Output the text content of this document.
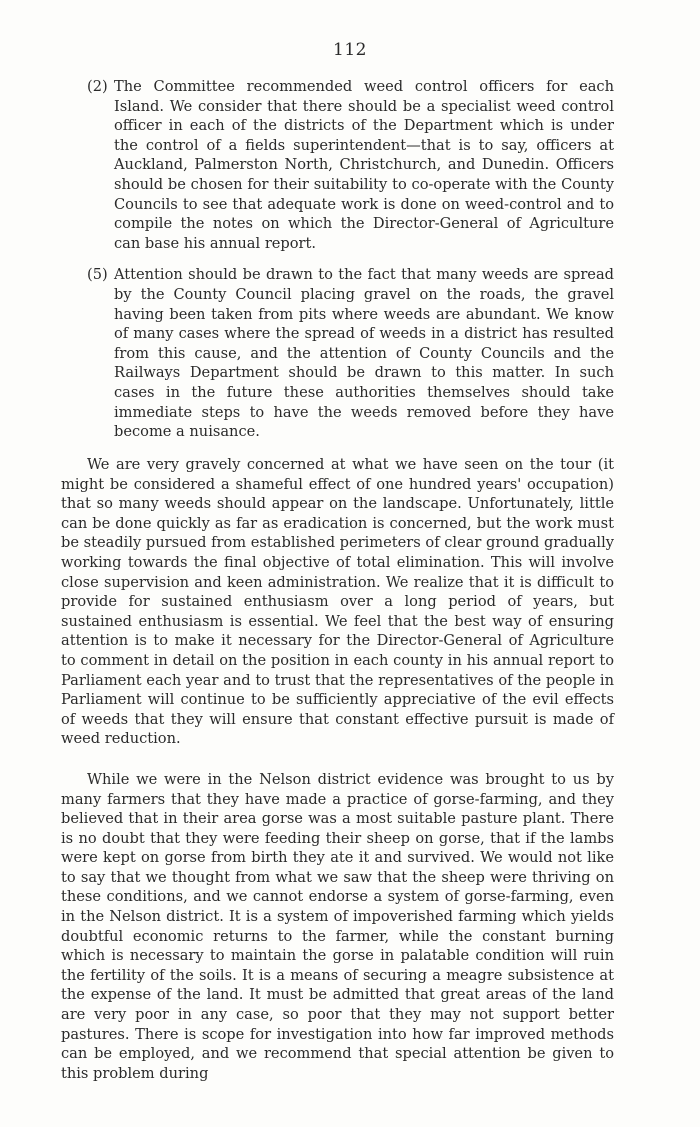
112
(2) The Committee recommended weed control officers for each Island. We consider that there should be a specialist weed control officer in each of the districts of the Department which is under the control of a fields superintendent—that is to say, officers at Auckland, Palmerston North, Christchurch, and Dunedin. Officers should be chosen for their suitability to co-operate with the County Councils to see that adequate work is done on weed-control and to compile the notes on which the Director-General of Agriculture can base his annual report.
(5) Attention should be drawn to the fact that many weeds are spread by the County Council placing gravel on the roads, the gravel having been taken from pits where weeds are abundant. We know of many cases where the spread of weeds in a district has resulted from this cause, and the attention of County Councils and the Railways Department should be drawn to this matter. In such cases in the future these authorities themselves should take immediate steps to have the weeds removed before they have become a nuisance.

We are very gravely concerned at what we have seen on the tour (it might be considered a shameful effect of one hundred years' occupation) that so many weeds should appear on the landscape. Unfortunately, little can be done quickly as far as eradication is concerned, but the work must be steadily pursued from established perimeters of clear ground gradually working towards the final objective of total elimination. This will involve close supervision and keen administration. We realize that it is difficult to provide for sustained enthusiasm over a long period of years, but sustained enthusiasm is essential. We feel that the best way of ensuring attention is to make it necessary for the Director-General of Agriculture to comment in detail on the position in each county in his annual report to Parliament each year and to trust that the representatives of the people in Parliament will continue to be sufficiently appreciative of the evil effects of weeds that they will ensure that constant effective pursuit is made of weed reduction.

While we were in the Nelson district evidence was brought to us by many farmers that they have made a practice of gorse-farming, and they believed that in their area gorse was a most suitable pasture plant. There is no doubt that they were feeding their sheep on gorse, that if the lambs were kept on gorse from birth they ate it and survived. We would not like to say that we thought from what we saw that the sheep were thriving on these conditions, and we cannot endorse a system of gorse-farming, even in the Nelson district. It is a system of impoverished farming which yields doubtful economic returns to the farmer, while the constant burning which is necessary to maintain the gorse in palatable condition will ruin the fertility of the soils. It is a means of securing a meagre subsistence at the expense of the land. It must be admitted that great areas of the land are very poor in any case, so poor that they may not support better pastures. There is scope for investigation into how far improved methods can be employed, and we recommend that special attention be given to this problem during
